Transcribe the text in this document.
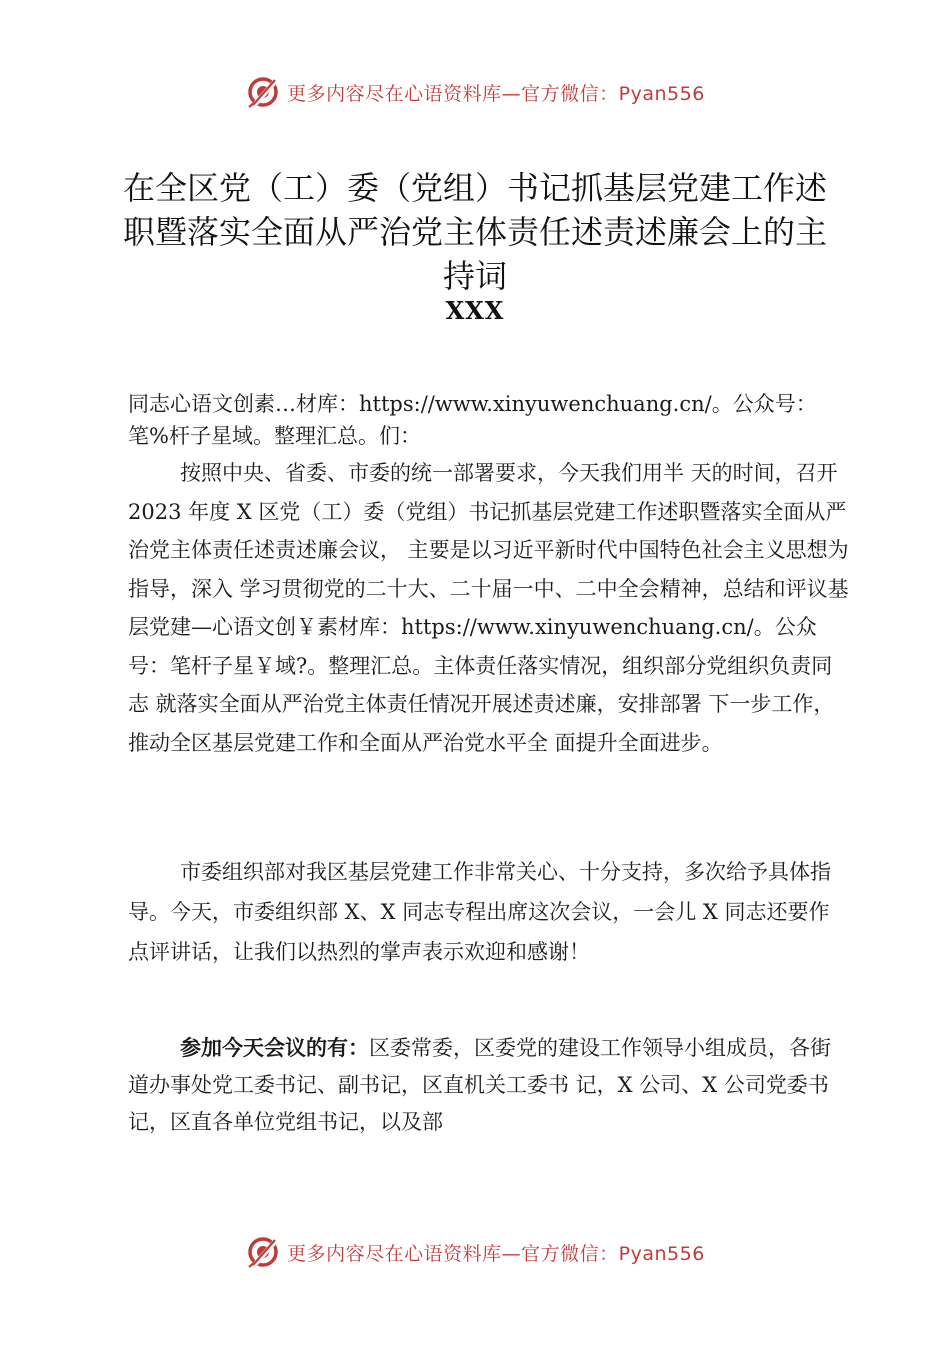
更多内容尽在心语资料库—官方微信：Pyan556
在全区党（工）委（党组）书记抓基层党建工作述职暨落实全面从严治党主体责任述责述廉会上的主持词
XXX
同志心语文创素…材库：https://www.xinyuwenchuang.cn/。公众号：笔%杆子星域。整理汇总。们：
按照中央、省委、市委的统一部署要求，今天我们用半 天的时间，召开 2023 年度 X 区党（工）委（党组）书记抓基层党建工作述职暨落实全面从严治党主体责任述责述廉会议， 主要是以习近平新时代中国特色社会主义思想为指导，深入 学习贯彻党的二十大、二十届一中、二中全会精神，总结和评议基层党建—心语文创￥素材库：https://www.xinyuwenchuang.cn/。公众号：笔杆子星￥域?。整理汇总。主体责任落实情况，组织部分党组织负责同志 就落实全面从严治党主体责任情况开展述责述廉，安排部署 下一步工作，推动全区基层党建工作和全面从严治党水平全 面提升全面进步。
市委组织部对我区基层党建工作非常关心、十分支持，多次给予具体指导。今天，市委组织部 X、X 同志专程出席这次会议，一会儿 X 同志还要作点评讲话，让我们以热烈的掌声表示欢迎和感谢！
参加今天会议的有：区委常委，区委党的建设工作领导小组成员，各街道办事处党工委书记、副书记，区直机关工委书 记，X 公司、X 公司党委书记，区直各单位党组书记，以及部
更多内容尽在心语资料库—官方微信：Pyan556
